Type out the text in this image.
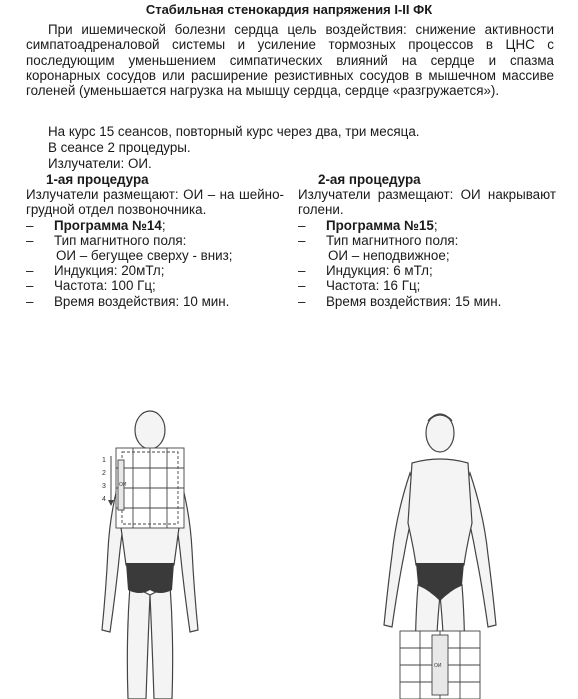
Стабильная стенокардия напряжения I-II ФК

При ишемической болезни сердца цель воздействия: снижение активности симпатоадреналовой системы и усиление тормозных процессов в ЦНС с последующим уменьшением симпатических влияний на сердце и спазма коронарных сосудов или расширение резистивных сосудов в мышечном массиве голеней (уменьшается нагрузка на мышцу сердца, сердце «разгружается»).

На курс 15 сеансов, повторный курс через два, три месяца.
В сеансе 2 процедуры.
Излучатели: ОИ.
1-ая процедура
Излучатели размещают: ОИ – на шейно-грудной отдел позвоночника.
– Программа №14;
– Тип магнитного поля:
ОИ – бегущее сверху - вниз;
– Индукция: 20мТл;
– Частота: 100 Гц;
– Время воздействия: 10 мин.
2-ая процедура
Излучатели размещают: ОИ накрывают голени.
– Программа №15;
– Тип магнитного поля:
ОИ – неподвижное;
– Индукция: 6 мТл;
– Частота: 16 Гц;
– Время воздействия: 15 мин.
1
2
3
4
ОИ
ОИ
